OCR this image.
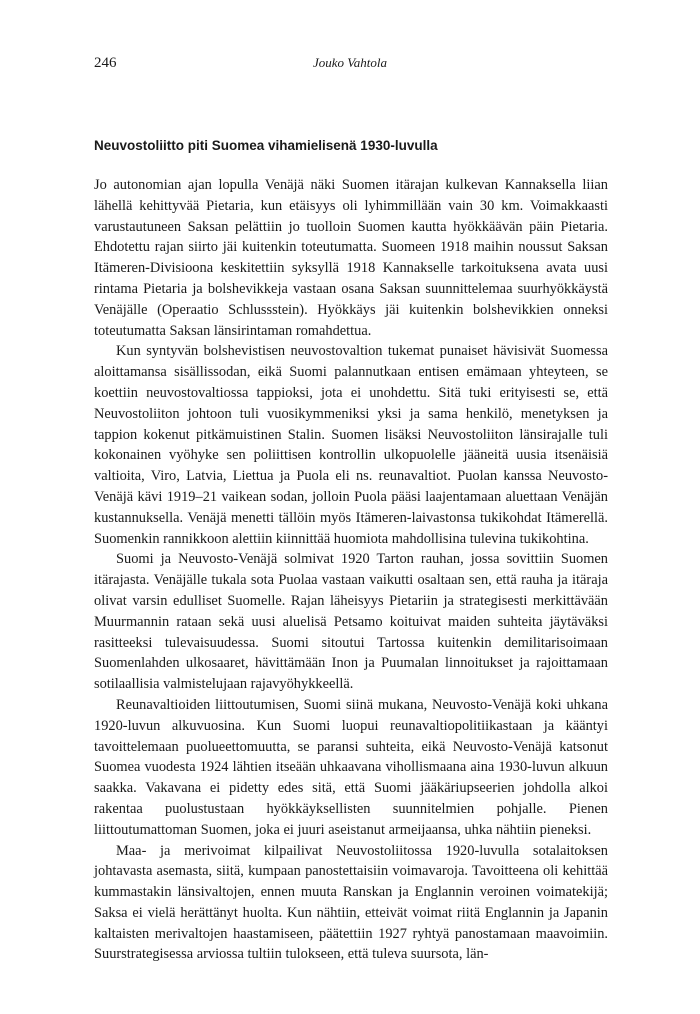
246	Jouko Vahtola
Neuvostoliitto piti Suomea vihamielisenä 1930-luvulla

Jo autonomian ajan lopulla Venäjä näki Suomen itärajan kulkevan Kannaksella liian lähellä kehittyvää Pietaria, kun etäisyys oli lyhimmillään vain 30 km. Voimakkaasti varustautuneen Saksan pelättiin jo tuolloin Suomen kautta hyökkäävän päin Pietaria. Ehdotettu rajan siirto jäi kuitenkin toteutumatta. Suomeen 1918 maihin noussut Saksan Itämeren-Divisioona keskitettiin syksyllä 1918 Kannakselle tarkoituksena avata uusi rintama Pietaria ja bolshevikkeja vastaan osana Saksan suunnittelemaa suurhyökkäystä Venäjälle (Operaatio Schlussstein). Hyökkäys jäi kuitenkin bolshevikkien onneksi toteutumatta Saksan länsirintaman romahdettua.

Kun syntyvän bolshevistisen neuvostovaltion tukemat punaiset hävisivät Suomessa aloittamansa sisällissodan, eikä Suomi palannutkaan entisen emämaan yhteyteen, se koettiin neuvostovaltiossa tappioksi, jota ei unohdettu. Sitä tuki erityisesti se, että Neuvostoliiton johtoon tuli vuosikymmeniksi yksi ja sama henkilö, menetyksen ja tappion kokenut pitkämuistinen Stalin. Suomen lisäksi Neuvostoliiton länsirajalle tuli kokonainen vyöhyke sen poliittisen kontrollin ulkopuolelle jääneitä uusia itsenäisiä valtioita, Viro, Latvia, Liettua ja Puola eli ns. reunavaltiot. Puolan kanssa Neuvosto-Venäjä kävi 1919–21 vaikean sodan, jolloin Puola pääsi laajentamaan aluettaan Venäjän kustannuksella. Venäjä menetti tällöin myös Itämeren-laivastonsa tukikohdat Itämerellä. Suomenkin rannikkoon alettiin kiinnittää huomiota mahdollisina tulevina tukikohtina.

Suomi ja Neuvosto-Venäjä solmivat 1920 Tarton rauhan, jossa sovittiin Suomen itärajasta. Venäjälle tukala sota Puolaa vastaan vaikutti osaltaan sen, että rauha ja itäraja olivat varsin edulliset Suomelle. Rajan läheisyys Pietariin ja strategisesti merkittävään Muurmannin rataan sekä uusi aluelisä Petsamo koituivat maiden suhteita jäytäväksi rasitteeksi tulevaisuudessa. Suomi sitoutui Tartossa kuitenkin demilitarisoimaan Suomenlahden ulkosaaret, hävittämään Inon ja Puumalan linnoitukset ja rajoittamaan sotilaallisia valmistelujaan rajavyöhykkeellä.

Reunavaltioiden liittoutumisen, Suomi siinä mukana, Neuvosto-Venäjä koki uhkana 1920-luvun alkuvuosina. Kun Suomi luopui reunavaltiopolitiikastaan ja kääntyi tavoittelemaan puolueettomuutta, se paransi suhteita, eikä Neuvosto-Venäjä katsonut Suomea vuodesta 1924 lähtien itseään uhkaavana vihollismaana aina 1930-luvun alkuun saakka. Vakavana ei pidetty edes sitä, että Suomi jääkäriupseerien johdolla alkoi rakentaa puolustustaan hyökkäyksellisten suunnitelmien pohjalle. Pienen liittoutumattoman Suomen, joka ei juuri aseistanut armeijaansa, uhka nähtiin pieneksi.

Maa- ja merivoimat kilpailivat Neuvostoliitossa 1920-luvulla sotalaitoksen johtavasta asemasta, siitä, kumpaan panostettaisiin voimavaroja. Tavoitteena oli kehittää kummastakin länsivaltojen, ennen muuta Ranskan ja Englannin veroinen voimatekijä; Saksa ei vielä herättänyt huolta. Kun nähtiin, etteivät voimat riitä Englannin ja Japanin kaltaisten merivaltojen haastamiseen, päätettiin 1927 ryhtyä panostamaan maavoimiin. Suurstrategisessa arviossa tultiin tulokseen, että tuleva suursota, län-
